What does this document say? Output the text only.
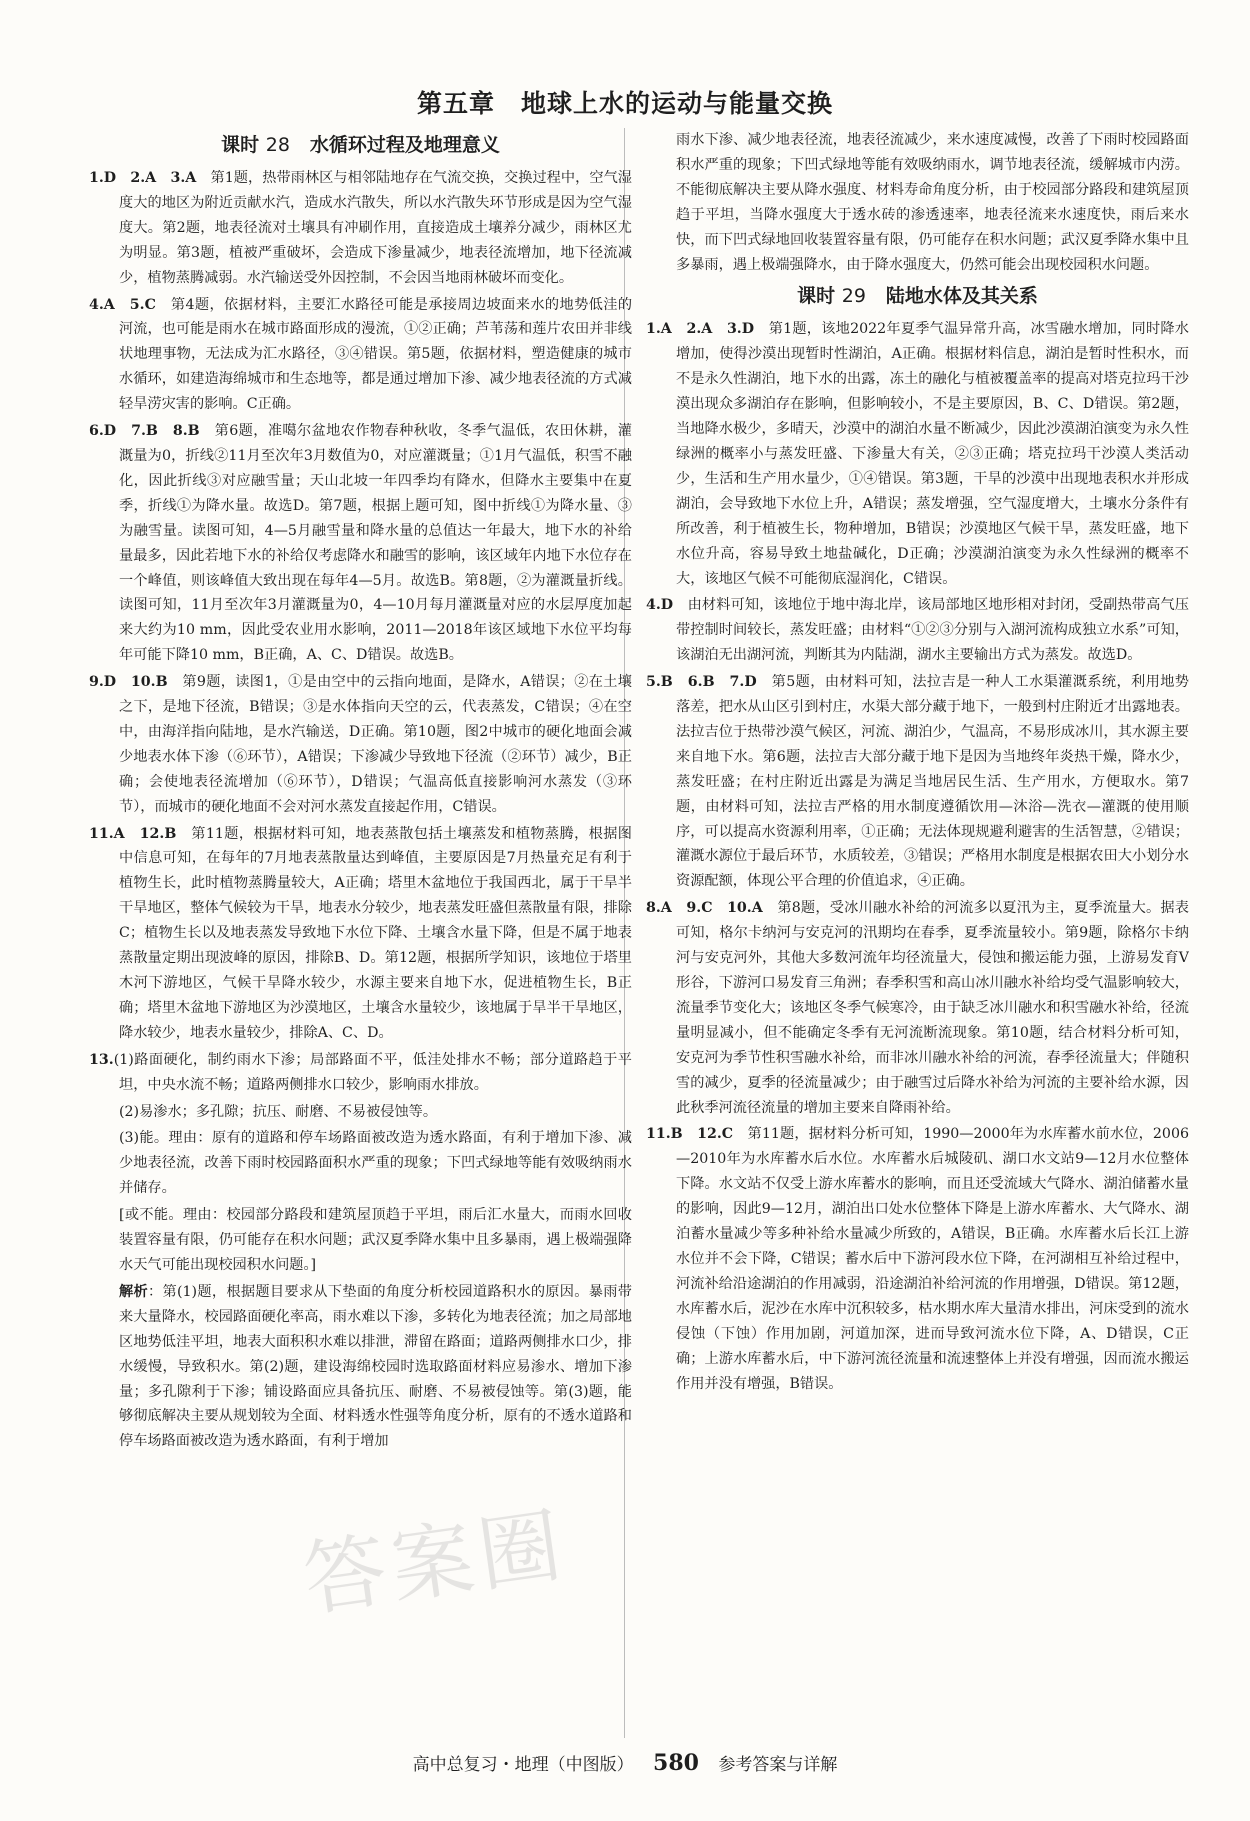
第五章　地球上水的运动与能量交换
课时 28 水循环过程及地理意义

1.D　2.A　3.A　第1题，热带雨林区与相邻陆地存在气流交换，交换过程中，空气湿度大的地区为附近贡献水汽，造成水汽散失，所以水汽散失环节形成是因为空气湿度大。第2题，地表径流对土壤具有冲刷作用，直接造成土壤养分减少，雨林区尤为明显。第3题，植被严重破坏，会造成下渗量减少，地表径流增加，地下径流减少，植物蒸腾减弱。水汽输送受外因控制，不会因当地雨林破坏而变化。

4.A　5.C　第4题，依据材料，主要汇水路径可能是承接周边坡面来水的地势低洼的河流，也可能是雨水在城市路面形成的漫流，①②正确；芦苇荡和莲片农田并非线状地理事物，无法成为汇水路径，③④错误。第5题，依据材料，塑造健康的城市水循环，如建造海绵城市和生态地等，都是通过增加下渗、减少地表径流的方式减轻旱涝灾害的影响。C正确。

6.D　7.B　8.B　第6题，准噶尔盆地农作物春种秋收，冬季气温低，农田休耕，灌溉量为0，折线②11月至次年3月数值为0，对应灌溉量；①1月气温低，积雪不融化，因此折线③对应融雪量；天山北坡一年四季均有降水，但降水主要集中在夏季，折线①为降水量。故选D。第7题，根据上题可知，图中折线①为降水量、③为融雪量。读图可知，4—5月融雪量和降水量的总值达一年最大，地下水的补给量最多，因此若地下水的补给仅考虑降水和融雪的影响，该区域年内地下水位存在一个峰值，则该峰值大致出现在每年4—5月。故选B。第8题，②为灌溉量折线。读图可知，11月至次年3月灌溉量为0，4—10月每月灌溉量对应的水层厚度加起来大约为10 mm，因此受农业用水影响，2011—2018年该区域地下水位平均每年可能下降10 mm，B正确，A、C、D错误。故选B。

9.D　10.B　第9题，读图1，①是由空中的云指向地面，是降水，A错误；②在土壤之下，是地下径流，B错误；③是水体指向天空的云，代表蒸发，C错误；④在空中，由海洋指向陆地，是水汽输送，D正确。第10题，图2中城市的硬化地面会减少地表水体下渗（⑥环节），A错误；下渗减少导致地下径流（②环节）减少，B正确；会使地表径流增加（⑥环节），D错误；气温高低直接影响河水蒸发（③环节），而城市的硬化地面不会对河水蒸发直接起作用，C错误。

11.A　12.B　第11题，根据材料可知，地表蒸散包括土壤蒸发和植物蒸腾，根据图中信息可知，在每年的7月地表蒸散量达到峰值，主要原因是7月热量充足有利于植物生长，此时植物蒸腾量较大，A正确；塔里木盆地位于我国西北，属于干旱半干旱地区，整体气候较为干旱，地表水分较少，地表蒸发旺盛但蒸散量有限，排除C；植物生长以及地表蒸发导致地下水位下降、土壤含水量下降，但是不属于地表蒸散量定期出现波峰的原因，排除B、D。第12题，根据所学知识，该地位于塔里木河下游地区，气候干旱降水较少，水源主要来自地下水，促进植物生长，B正确；塔里木盆地下游地区为沙漠地区，土壤含水量较少，该地属于旱半干旱地区，降水较少，地表水量较少，排除A、C、D。

13.(1)路面硬化，制约雨水下渗；局部路面不平，低洼处排水不畅；部分道路趋于平坦，中央水流不畅；道路两侧排水口较少，影响雨水排放。

(2)易渗水；多孔隙；抗压、耐磨、不易被侵蚀等。

(3)能。理由：原有的道路和停车场路面被改造为透水路面，有利于增加下渗、减少地表径流，改善下雨时校园路面积水严重的现象；下凹式绿地等能有效吸纳雨水并储存。

[或不能。理由：校园部分路段和建筑屋顶趋于平坦，雨后汇水量大，而雨水回收装置容量有限，仍可能存在积水问题；武汉夏季降水集中且多暴雨，遇上极端强降水天气可能出现校园积水问题。]

解析：第(1)题，根据题目要求从下垫面的角度分析校园道路积水的原因。暴雨带来大量降水，校园路面硬化率高，雨水难以下渗，多转化为地表径流；加之局部地区地势低洼平坦，地表大面积积水难以排泄，滞留在路面；道路两侧排水口少，排水缓慢，导致积水。第(2)题，建设海绵校园时选取路面材料应易渗水、增加下渗量；多孔隙利于下渗；铺设路面应具备抗压、耐磨、不易被侵蚀等。第(3)题，能够彻底解决主要从规划较为全面、材料透水性强等角度分析，原有的不透水道路和停车场路面被改造为透水路面，有利于增加

雨水下渗、减少地表径流，地表径流减少，来水速度减慢，改善了下雨时校园路面积水严重的现象；下凹式绿地等能有效吸纳雨水，调节地表径流，缓解城市内涝。不能彻底解决主要从降水强度、材料寿命角度分析，由于校园部分路段和建筑屋顶趋于平坦，当降水强度大于透水砖的渗透速率，地表径流来水速度快，雨后来水快，而下凹式绿地回收装置容量有限，仍可能存在积水问题；武汉夏季降水集中且多暴雨，遇上极端强降水，由于降水强度大，仍然可能会出现校园积水问题。

课时 29 陆地水体及其关系

1.A　2.A　3.D　第1题，该地2022年夏季气温异常升高，冰雪融水增加，同时降水增加，使得沙漠出现暂时性湖泊，A正确。根据材料信息，湖泊是暂时性积水，而不是永久性湖泊，地下水的出露，冻土的融化与植被覆盖率的提高对塔克拉玛干沙漠出现众多湖泊存在影响，但影响较小，不是主要原因，B、C、D错误。第2题，当地降水极少，多晴天，沙漠中的湖泊水量不断减少，因此沙漠湖泊演变为永久性绿洲的概率小与蒸发旺盛、下渗量大有关，②③正确；塔克拉玛干沙漠人类活动少，生活和生产用水量少，①④错误。第3题，干旱的沙漠中出现地表积水并形成湖泊，会导致地下水位上升，A错误；蒸发增强，空气湿度增大，土壤水分条件有所改善，利于植被生长，物种增加，B错误；沙漠地区气候干旱，蒸发旺盛，地下水位升高，容易导致土地盐碱化，D正确；沙漠湖泊演变为永久性绿洲的概率不大，该地区气候不可能彻底湿润化，C错误。

4.D　由材料可知，该地位于地中海北岸，该局部地区地形相对封闭，受副热带高气压带控制时间较长，蒸发旺盛；由材料“①②③分别与入湖河流构成独立水系”可知，该湖泊无出湖河流，判断其为内陆湖，湖水主要输出方式为蒸发。故选D。

5.B　6.B　7.D　第5题，由材料可知，法拉吉是一种人工水渠灌溉系统，利用地势落差，把水从山区引到村庄，水渠大部分藏于地下，一般到村庄附近才出露地表。法拉吉位于热带沙漠气候区，河流、湖泊少，气温高，不易形成冰川，其水源主要来自地下水。第6题，法拉吉大部分藏于地下是因为当地终年炎热干燥，降水少，蒸发旺盛；在村庄附近出露是为满足当地居民生活、生产用水，方便取水。第7题，由材料可知，法拉吉严格的用水制度遵循饮用—沐浴—洗衣—灌溉的使用顺序，可以提高水资源利用率，①正确；无法体现规避利避害的生活智慧，②错误；灌溉水源位于最后环节，水质较差，③错误；严格用水制度是根据农田大小划分水资源配额，体现公平合理的价值追求，④正确。

8.A　9.C　10.A　第8题，受冰川融水补给的河流多以夏汛为主，夏季流量大。据表可知，格尔卡纳河与安克河的汛期均在春季，夏季流量较小。第9题，除格尔卡纳河与安克河外，其他大多数河流年均径流量大，侵蚀和搬运能力强，上游易发育V形谷，下游河口易发育三角洲；春季积雪和高山冰川融水补给均受气温影响较大，流量季节变化大；该地区冬季气候寒冷，由于缺乏冰川融水和积雪融水补给，径流量明显减小，但不能确定冬季有无河流断流现象。第10题，结合材料分析可知，安克河为季节性积雪融水补给，而非冰川融水补给的河流，春季径流量大；伴随积雪的减少，夏季的径流量减少；由于融雪过后降水补给为河流的主要补给水源，因此秋季河流径流量的增加主要来自降雨补给。

11.B　12.C　第11题，据材料分析可知，1990—2000年为水库蓄水前水位，2006—2010年为水库蓄水后水位。水库蓄水后城陵矶、湖口水文站9—12月水位整体下降。水文站不仅受上游水库蓄水的影响，而且还受流域大气降水、湖泊储蓄水量的影响，因此9—12月，湖泊出口处水位整体下降是上游水库蓄水、大气降水、湖泊蓄水量减少等多种补给水量减少所致的，A错误，B正确。水库蓄水后长江上游水位并不会下降，C错误；蓄水后中下游河段水位下降，在河湖相互补给过程中，河流补给沿途湖泊的作用减弱，沿途湖泊补给河流的作用增强，D错误。第12题，水库蓄水后，泥沙在水库中沉积较多，枯水期水库大量清水排出，河床受到的流水侵蚀（下蚀）作用加剧，河道加深，进而导致河流水位下降，A、D错误，C正确；上游水库蓄水后，中下游河流径流量和流速整体上并没有增强，因而流水搬运作用并没有增强，B错误。

答案圈
高中总复习・地理（中图版） 580 参考答案与详解
